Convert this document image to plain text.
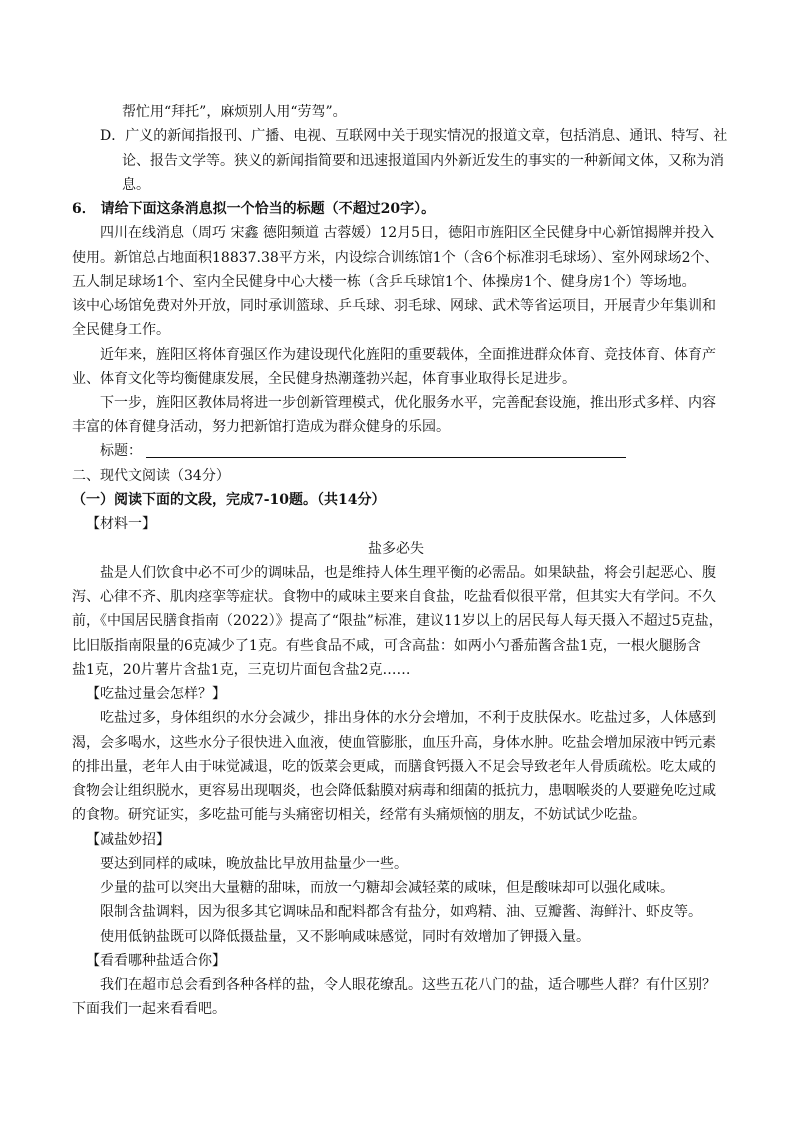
帮忙用“拜托”，麻烦别人用“劳驾”。
D．广义的新闻指报刊、广播、电视、互联网中关于现实情况的报道文章，包括消息、通讯、特写、社
论、报告文学等。狭义的新闻指简要和迅速报道国内外新近发生的事实的一种新闻文体，又称为消
息。
6． 请给下面这条消息拟一个恰当的标题（不超过20字）。
四川在线消息（周巧 宋鑫 德阳频道 古蓉媛）12月5日，德阳市旌阳区全民健身中心新馆揭牌并投入
使用。新馆总占地面积18837.38平方米，内设综合训练馆1个（含6个标准羽毛球场）、室外网球场2个、
五人制足球场1个、室内全民健身中心大楼一栋（含乒乓球馆1个、体操房1个、健身房1个）等场地。
该中心场馆免费对外开放，同时承训篮球、乒乓球、羽毛球、网球、武术等省运项目，开展青少年集训和
全民健身工作。
近年来，旌阳区将体育强区作为建设现代化旌阳的重要载体，全面推进群众体育、竞技体育、体育产
业、体育文化等均衡健康发展，全民健身热潮蓬勃兴起，体育事业取得长足进步。
下一步，旌阳区教体局将进一步创新管理模式，优化服务水平，完善配套设施，推出形式多样、内容
丰富的体育健身活动，努力把新馆打造成为群众健身的乐园。
标题：
二、现代文阅读（34分）
（一）阅读下面的文段，完成7-10题。（共14分）
【材料一】
盐多必失
盐是人们饮食中必不可少的调味品，也是维持人体生理平衡的必需品。如果缺盐，将会引起恶心、腹
泻、心律不齐、肌肉痉挛等症状。食物中的咸味主要来自食盐，吃盐看似很平常，但其实大有学问。不久
前，《中国居民膳食指南（2022）》提高了“限盐”标准，建议11岁以上的居民每人每天摄入不超过5克盐，
比旧版指南限量的6克减少了1克。有些食品不咸，可含高盐：如两小勺番茄酱含盐1克，一根火腿肠含
盐1克，20片薯片含盐1克，三克切片面包含盐2克……
【吃盐过量会怎样？】
吃盐过多，身体组织的水分会减少，排出身体的水分会增加，不利于皮肤保水。吃盐过多，人体感到
渴，会多喝水，这些水分子很快进入血液，使血管膨胀，血压升高，身体水肿。吃盐会增加尿液中钙元素
的排出量，老年人由于味觉减退，吃的饭菜会更咸，而膳食钙摄入不足会导致老年人骨质疏松。吃太咸的
食物会让组织脱水，更容易出现咽炎，也会降低黏膜对病毒和细菌的抵抗力，患咽喉炎的人要避免吃过咸
的食物。研究证实，多吃盐可能与头痛密切相关，经常有头痛烦恼的朋友，不妨试试少吃盐。
【减盐妙招】
要达到同样的咸味，晚放盐比早放用盐量少一些。
少量的盐可以突出大量糖的甜味，而放一勺糖却会减轻菜的咸味，但是酸味却可以强化咸味。
限制含盐调料，因为很多其它调味品和配料都含有盐分，如鸡精、油、豆瓣酱、海鲜汁、虾皮等。
使用低钠盐既可以降低摄盐量，又不影响咸味感觉，同时有效增加了钾摄入量。
【看看哪种盐适合你】
我们在超市总会看到各种各样的盐，令人眼花缭乱。这些五花八门的盐，适合哪些人群？有什区别？
下面我们一起来看看吧。
